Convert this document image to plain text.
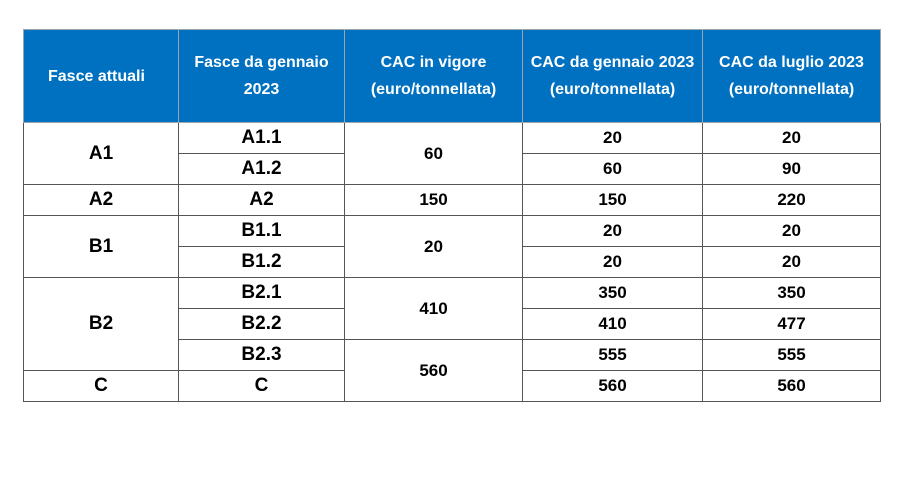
Fasce attuali	Fasce da gennaio 2023	CAC in vigore (euro/tonnellata)	CAC da gennaio 2023 (euro/tonnellata)	CAC da luglio 2023 (euro/tonnellata)
A1	A1.1	60	20	20
	A1.2		60	90
A2	A2	150	150	220
B1	B1.1	20	20	20
	B1.2		20	20
B2	B2.1	410	350	350
	B2.2		410	477
	B2.3	560	555	555
C	C		560	560
